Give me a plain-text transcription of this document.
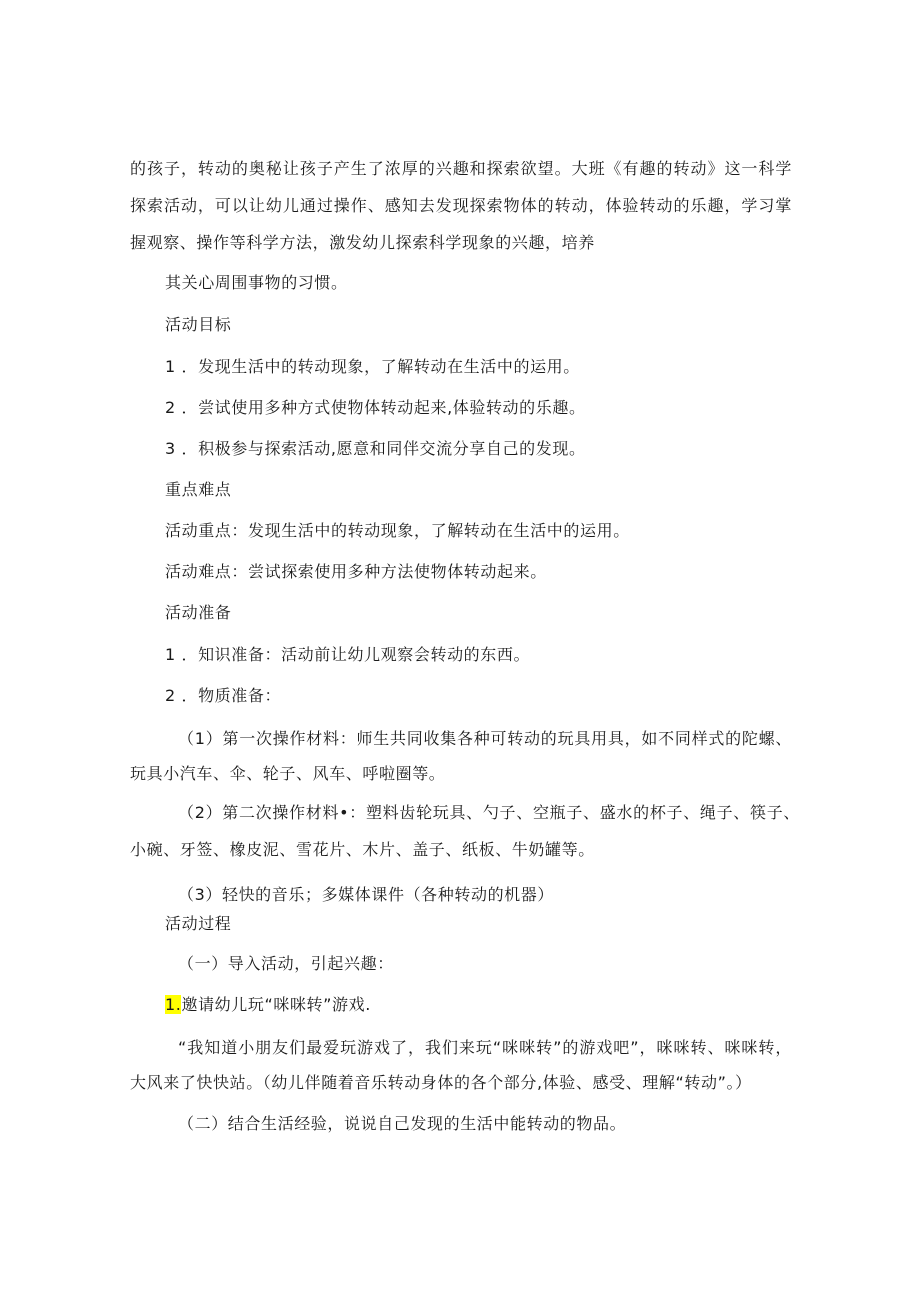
的孩子，转动的奥秘让孩子产生了浓厚的兴趣和探索欲望。大班《有趣的转动》这一科学

探索活动，可以让幼儿通过操作、感知去发现探索物体的转动，体验转动的乐趣，学习掌

握观察、操作等科学方法，激发幼儿探索科学现象的兴趣，培养

其关心周围事物的习惯。

活动目标

1 ．发现生活中的转动现象，了解转动在生活中的运用。

2 ．尝试使用多种方式使物体转动起来,体验转动的乐趣。

3 ．积极参与探索活动,愿意和同伴交流分享自己的发现。

重点难点

活动重点：发现生活中的转动现象，了解转动在生活中的运用。

活动难点：尝试探索使用多种方法使物体转动起来。

活动准备

1 ．知识准备：活动前让幼儿观察会转动的东西。

2 ．物质准备：

（1）第一次操作材料：师生共同收集各种可转动的玩具用具，如不同样式的陀螺、

玩具小汽车、伞、轮子、风车、呼啦圈等。

（2）第二次操作材料•：塑料齿轮玩具、勺子、空瓶子、盛水的杯子、绳子、筷子、

小碗、牙签、橡皮泥、雪花片、木片、盖子、纸板、牛奶罐等。

（3）轻快的音乐；多媒体课件（各种转动的机器）

活动过程

（一）导入活动，引起兴趣：

1.邀请幼儿玩“咪咪转”游戏.

“我知道小朋友们最爱玩游戏了，我们来玩“咪咪转”的游戏吧”，咪咪转、咪咪转，

大风来了快快站。（幼儿伴随着音乐转动身体的各个部分,体验、感受、理解“转动”。）

（二）结合生活经验，说说自己发现的生活中能转动的物品。
